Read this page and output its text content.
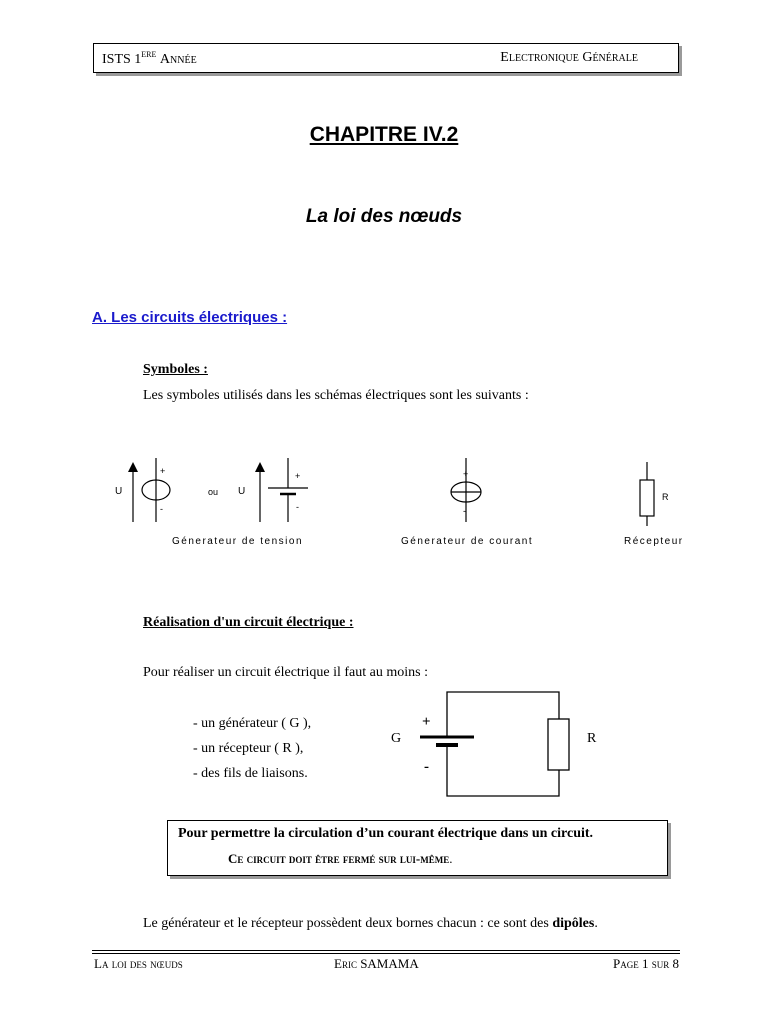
ISTS 1ERE Année	Electronique Générale
CHAPITRE IV.2
La loi des nœuds
A. Les circuits électriques :
Symboles :
Les symboles utilisés dans les schémas électriques sont les suivants :
U
+
-
ou U
+
-
+
-
R
Génerateur de tension	Génerateur de courant	Récepteur
Réalisation d'un circuit électrique :
Pour réaliser un circuit électrique il faut au moins :
- un générateur ( G ),
- un récepteur ( R ),
- des fils de liaisons.
+
-
G	R
Pour permettre la circulation d’un courant électrique dans un circuit.
Ce circuit doit être fermé sur lui-même.
Le générateur et le récepteur possèdent deux bornes chacun : ce sont des dipôles.
La loi des nœuds	Eric SAMAMA	Page 1 sur 8
